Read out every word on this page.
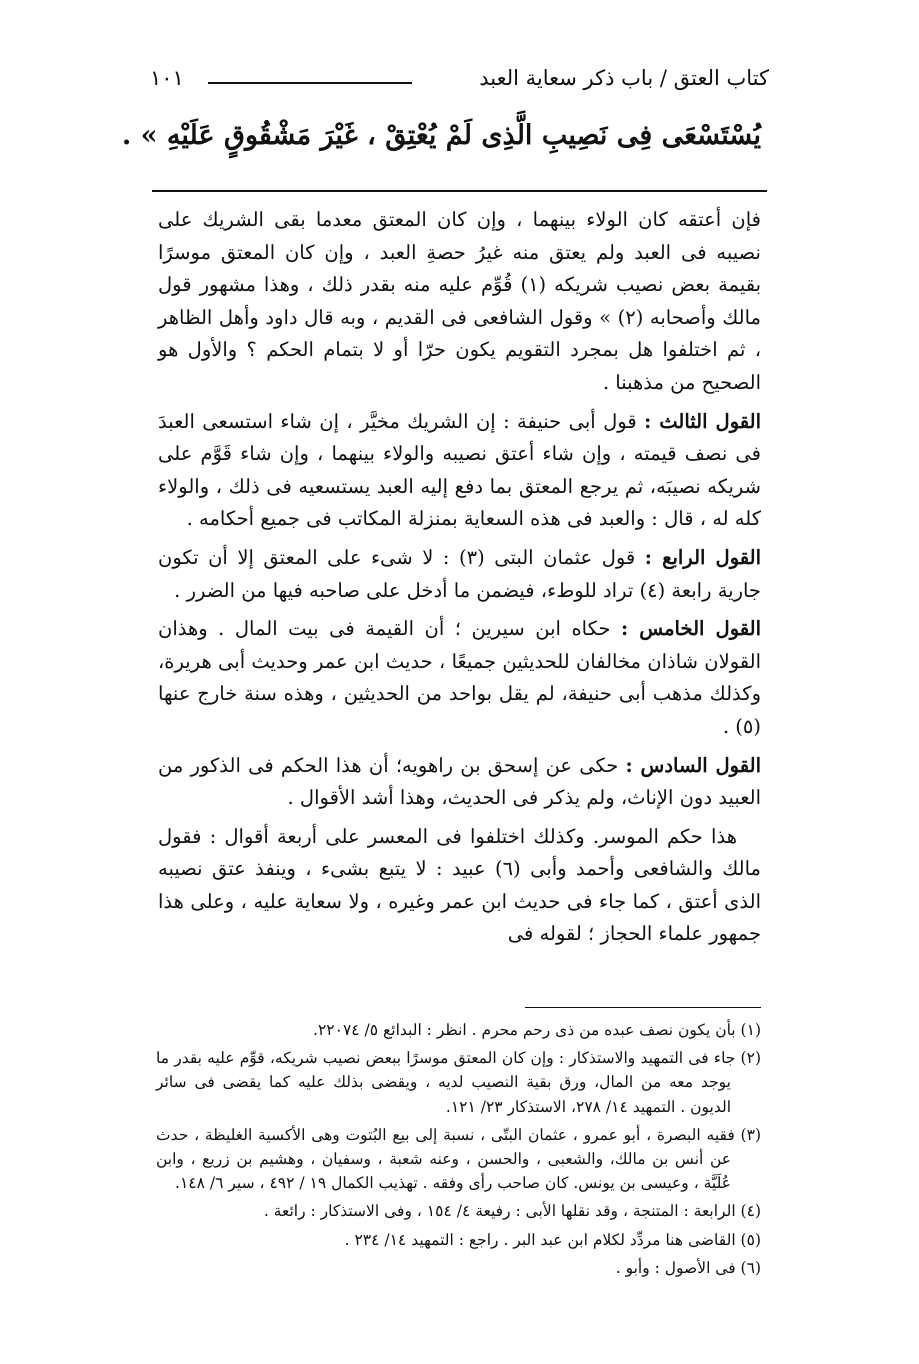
كتاب العتق / باب ذكر سعاية العبد
١٠١
يُسْتَسْعَى فِى نَصِيبِ الَّذِى لَمْ يُعْتِقْ ، غَيْرَ مَشْقُوقٍ عَلَيْهِ » .

فإن أعتقه كان الولاء بينهما ، وإن كان المعتق معدما بقى الشريك على نصيبه فى العبد ولم يعتق منه غيرُ حصةِ العبد ، وإن كان المعتق موسرًا بقيمة بعض نصيب شريكه (١) قُوِّم عليه منه بقدر ذلك ، وهذا مشهور قول مالك وأصحابه (٢) » وقول الشافعى فى القديم ، وبه قال داود وأهل الظاهر ، ثم اختلفوا هل بمجرد التقويم يكون حرّا أو لا بتمام الحكم ؟ والأول هو الصحيح من مذهبنا .

القول الثالث : قول أبى حنيفة : إن الشريك مخيَّر ، إن شاء استسعى العبدَ فى نصف قيمته ، وإن شاء أعتق نصيبه والولاء بينهما ، وإن شاء قَوَّم على شريكه نصيبَه، ثم يرجع المعتق بما دفع إليه العبد يستسعيه فى ذلك ، والولاء كله له ، قال : والعبد فى هذه السعاية بمنزلة المكاتب فى جميع أحكامه .

القول الرابع : قول عثمان البتى (٣) : لا شىء على المعتق إلا أن تكون جارية رابعة (٤) تراد للوطء، فيضمن ما أدخل على صاحبه فيها من الضرر .

القول الخامس : حكاه ابن سيرين ؛ أن القيمة فى بيت المال . وهذان القولان شاذان مخالفان للحديثين جميعًا ، حديث ابن عمر وحديث أبى هريرة، وكذلك مذهب أبى حنيفة، لم يقل بواحد من الحديثين ، وهذه سنة خارج عنها (٥) .

القول السادس : حكى عن إسحق بن راهويه؛ أن هذا الحكم فى الذكور من العبيد دون الإناث، ولم يذكر فى الحديث، وهذا أشد الأقوال .

هذا حكم الموسر. وكذلك اختلفوا فى المعسر على أربعة أقوال : فقول مالك والشافعى وأحمد وأبى (٦) عبيد : لا يتبع بشىء ، وينفذ عتق نصيبه الذى أعتق ، كما جاء فى حديث ابن عمر وغيره ، ولا سعاية عليه ، وعلى هذا جمهور علماء الحجاز ؛ لقوله فى

(١) بأن يكون نصف عبده من ذى رحم محرم . انظر : البدائع ٥/ ٢٢٠٧٤.

(٢) جاء فى التمهيد والاستذكار : وإن كان المعتق موسرًا ببعض نصيب شريكه، قوِّم عليه بقدر ما يوجد معه من المال، ورق بقية النصيب لديه ، ويقضى بذلك عليه كما يقضى فى سائر الديون . التمهيد ١٤/ ٢٧٨، الاستذكار ٢٣/ ١٢١.

(٣) فقيه البصرة ، أبو عمرو ، عثمان البتّى ، نسبة إلى بيع البُتوت وهى الأكسية الغليظة ، حدث عن أنس بن مالك، والشعبى ، والحسن ، وعنه شعبة ، وسفيان ، وهشيم بن زريع ، وابن عُلَيَّة ، وعيسى بن يونس. كان صاحب رأى وفقه . تهذيب الكمال ١٩ / ٤٩٢ ، سير ٦/ ١٤٨.

(٤) الرابعة : المتنجة ، وقد نقلها الأبى : رفيعة ٤/ ١٥٤ ، وفى الاستذكار : رائعة .

(٥) القاضى هنا مردِّد لكلام ابن عبد البر . راجع : التمهيد ١٤/ ٢٣٤ .

(٦) فى الأصول : وأبو .
